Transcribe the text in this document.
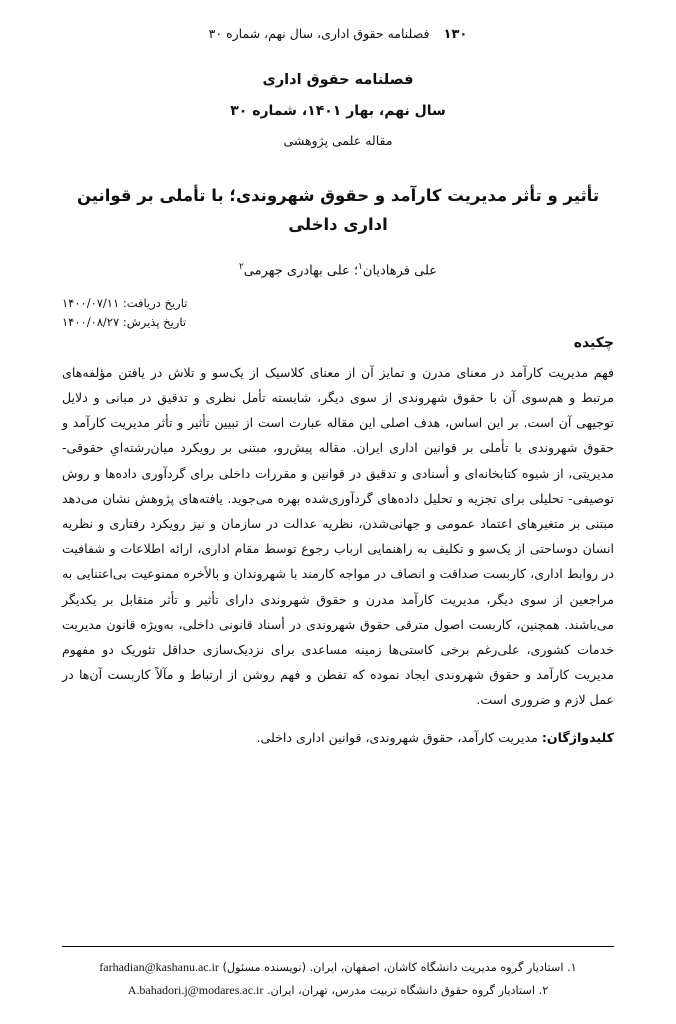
۱۳۰
فصلنامه حقوق اداری، سال نهم، شماره ۳۰
فصلنامه حقوق اداری
سال نهم، بهار ۱۴۰۱، شماره ۳۰
مقاله علمی پژوهشی
تأثیر و تأثر مدیریت کارآمد و حقوق شهروندی؛ با تأملی بر قوانین اداری داخلی
علی فرهادیان$^۱$؛ علی بهادری جهرمی$^۲$
تاریخ دریافت: ۱۴۰۰/۰۷/۱۱
تاریخ پذیرش: ۱۴۰۰/۰۸/۲۷
چکیده

فهم مدیریت کارآمد در معنای مدرن و تمایز آن از معنای کلاسیک از یک‌سو و تلاش در یافتن مؤلفه‌های مرتبط و هم‌سوی آن با حقوق شهروندی از سوی دیگر، شایسته تأمل نظری و تدقیق در مبانی و دلایل توجیهی آن است. بر این اساس، هدف اصلی این مقاله عبارت است از تبیین تأثیر و تأثر مدیریت کارآمد و حقوق شهروندی با تأملی بر قوانین اداری ایران. مقاله پیش‌رو، مبتنی بر رویکرد میان‌رشته‌ایِ حقوقی- مدیریتی، از شیوه کتابخانه‌ای و أسنادی و تدقیق در قوانین و مقررات داخلی برای گردآوری داده‌ها و روش توصیفی- تحلیلی برای تجزیه و تحلیل داده‌های گردآوری‌شده بهره می‌جوید. یافته‌های پژوهش نشان می‌دهد مبتنی بر متغیرهای اعتماد عمومی و جهانی‌شدن، نظریه عدالت در سازمان و نیز رویکرد رفتاری و نظریه انسان دوساحتی از یک‌سو و تکلیف به راهنمایی ارباب رجوع توسط مقام اداری، ارائه اطلاعات و شفافیت در روابط اداری، کاربست صداقت و انصاف در مواجه کارمند با شهروندان و بالأخره ممنوعیت بی‌اعتنایی به مراجعین از سوی دیگر، مدیریت کارآمد مدرن و حقوق شهروندی دارای تأثیر و تأثر متقابل بر یکدیگر می‌باشند. همچنین، کاربست اصول مترقی حقوق شهروندی در أسناد قانونی داخلی، به‌ویژه قانون مدیریت خدمات کشوری، علی‌رغم برخی کاستی‌ها زمینه مساعدی برای نزدیک‌سازی حداقل تئوریک دو مفهوم مدیریت کارآمد و حقوق شهروندی ایجاد نموده که تفطن و فهم روشن از ارتباط و مآلاً کاربست آن‌ها در عمل لازم و ضروری است.

کلیدواژگان: مدیریت کارآمد، حقوق شهروندی، قوانین اداری داخلی.

۱. استادیار گروه مدیریت دانشگاه کاشان، اصفهان، ایران. (نویسنده مسئول) farhadian@kashanu.ac.ir
۲. استادیار گروه حقوق دانشگاه تربیت مدرس، تهران، ایران. A.bahadori.j@modares.ac.ir
